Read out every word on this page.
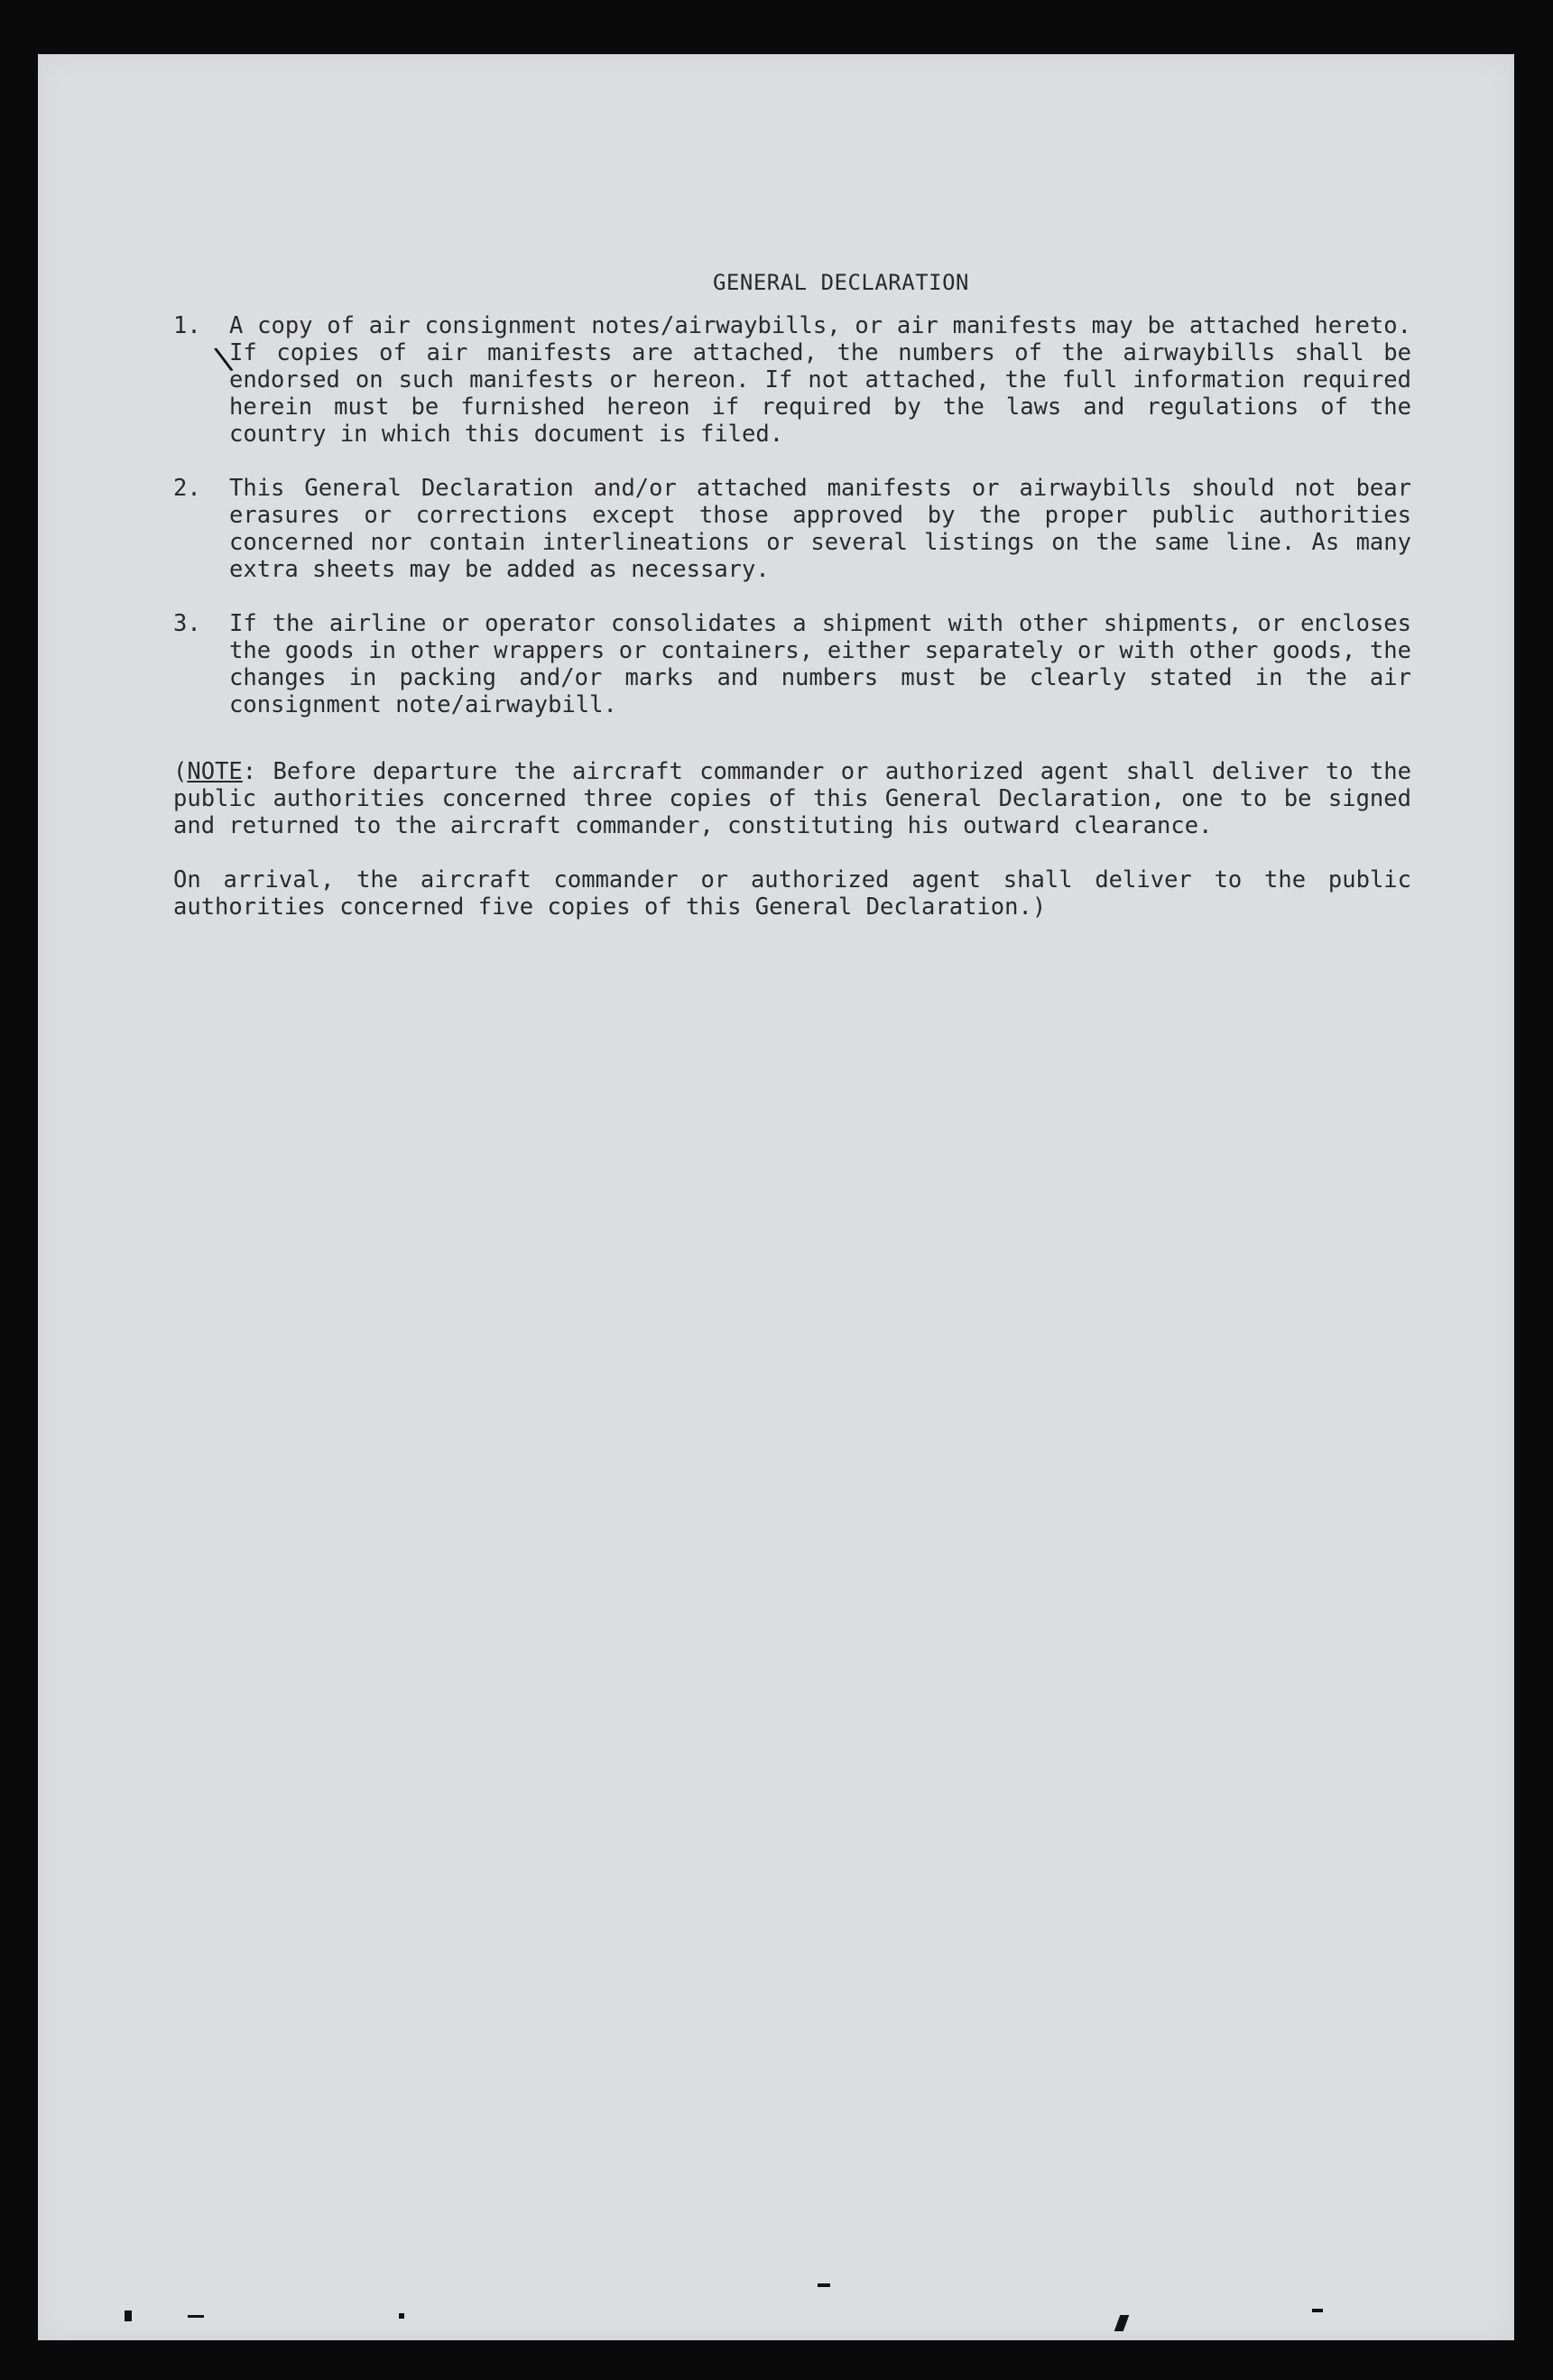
\
GENERAL DECLARATION
1.	A copy of air consignment notes/airwaybills, or air manifests may be attached hereto. If copies of air manifests are attached, the numbers of the airwaybills shall be endorsed on such manifests or hereon. If not attached, the full information required herein must be furnished hereon if required by the laws and regulations of the country in which this document is filed.
2.	This General Declaration and/or attached manifests or airwaybills should not bear erasures or corrections except those approved by the proper public authorities concerned nor contain interlineations or several listings on the same line. As many extra sheets may be added as necessary.
3.	If the airline or operator consolidates a shipment with other shipments, or encloses the goods in other wrappers or containers, either separately or with other goods, the changes in packing and/or marks and numbers must be clearly stated in the air consignment note/airwaybill.
(NOTE: Before departure the aircraft commander or authorized agent shall deliver to the public authorities concerned three copies of this General Declaration, one to be signed and returned to the aircraft commander, constituting his outward clearance.
On arrival, the aircraft commander or authorized agent shall deliver to the public authorities concerned five copies of this General Declaration.)
